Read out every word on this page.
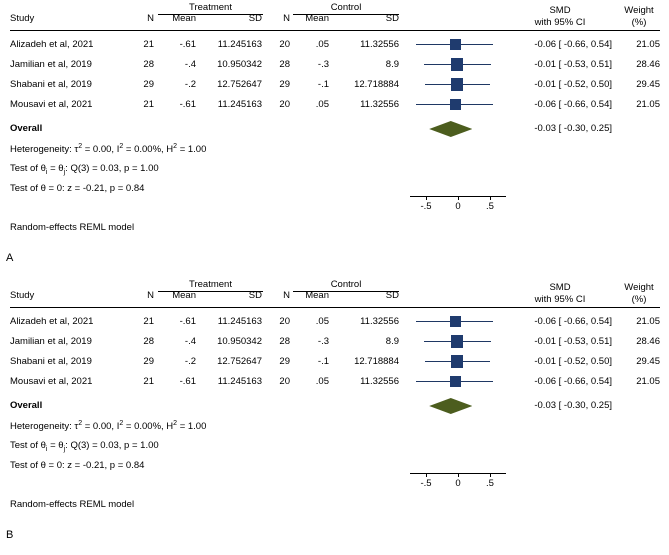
Treatment	Control
Study	N	Mean	SD	N	Mean	SD
SMD
with 95% CI
Weight
(%)
Alizadeh et al, 2021	21	-.61	11.245163	20	.05	11.32556	-0.06 [ -0.66, 0.54]	21.05
Jamilian et al, 2019	28	-.4	10.950342	28	-.3	8.9	-0.01 [ -0.53, 0.51]	28.46
Shabani et al, 2019	29	-.2	12.752647	29	-.1	12.718884	-0.01 [ -0.52, 0.50]	29.45
Mousavi et al, 2021	21	-.61	11.245163	20	.05	11.32556	-0.06 [ -0.66, 0.54]	21.05
Overall	-0.03 [ -0.30, 0.25]
Heterogeneity: $\tau^2 = 0.00$, $I^2 = 0.00\%$, $H^2 = 1.00$
Test of $\theta_i = \theta_j$: Q(3) = 0.03, p = 1.00
Test of θ = 0: z = -0.21, p = 0.84
Random-effects REML model
-.5	0	.5
A
Treatment	Control
Study	N	Mean	SD	N	Mean	SD
SMD
with 95% CI
Weight
(%)
Alizadeh et al, 2021	21	-.61	11.245163	20	.05	11.32556	-0.06 [ -0.66, 0.54]	21.05
Jamilian et al, 2019	28	-.4	10.950342	28	-.3	8.9	-0.01 [ -0.53, 0.51]	28.46
Shabani et al, 2019	29	-.2	12.752647	29	-.1	12.718884	-0.01 [ -0.52, 0.50]	29.45
Mousavi et al, 2021	21	-.61	11.245163	20	.05	11.32556	-0.06 [ -0.66, 0.54]	21.05
Overall	-0.03 [ -0.30, 0.25]
Heterogeneity: $\tau^2 = 0.00$, $I^2 = 0.00\%$, $H^2 = 1.00$
Test of $\theta_i = \theta_j$: Q(3) = 0.03, p = 1.00
Test of θ = 0: z = -0.21, p = 0.84
Random-effects REML model
-.5	0	.5
B
